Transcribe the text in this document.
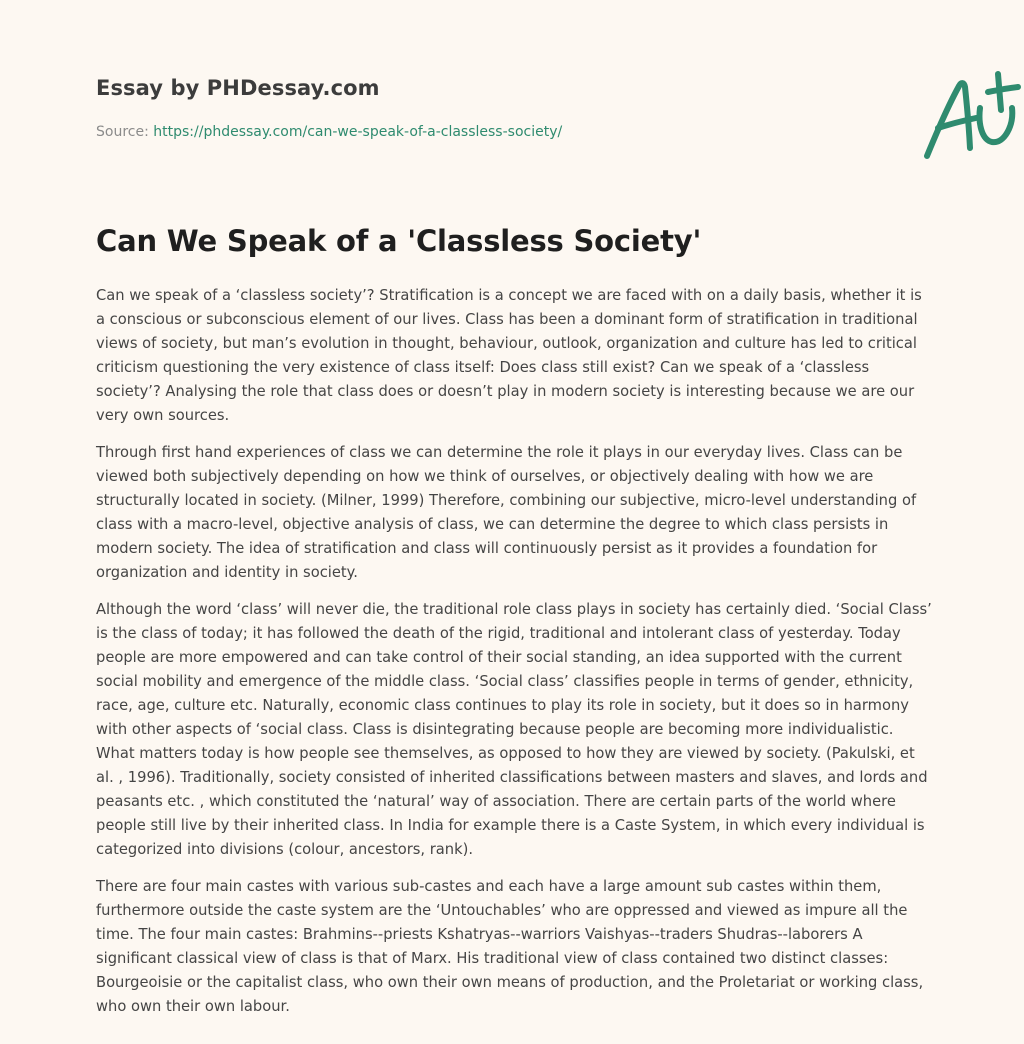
Essay by PHDessay.com

Source: https://phdessay.com/can-we-speak-of-a-classless-society/

Can We Speak of a 'Classless Society'

Can we speak of a ‘classless society’? Stratification is a concept we are faced with on a daily basis, whether it is a conscious or subconscious element of our lives. Class has been a dominant form of stratification in traditional views of society, but man’s evolution in thought, behaviour, outlook, organization and culture has led to critical criticism questioning the very existence of class itself: Does class still exist? Can we speak of a ‘classless society’? Analysing the role that class does or doesn’t play in modern society is interesting because we are our very own sources.

Through first hand experiences of class we can determine the role it plays in our everyday lives. Class can be viewed both subjectively depending on how we think of ourselves, or objectively dealing with how we are structurally located in society. (Milner, 1999) Therefore, combining our subjective, micro-level understanding of class with a macro-level, objective analysis of class, we can determine the degree to which class persists in modern society. The idea of stratification and class will continuously persist as it provides a foundation for organization and identity in society.

Although the word ‘class’ will never die, the traditional role class plays in society has certainly died. ‘Social Class’ is the class of today; it has followed the death of the rigid, traditional and intolerant class of yesterday. Today people are more empowered and can take control of their social standing, an idea supported with the current social mobility and emergence of the middle class. ‘Social class’ classifies people in terms of gender, ethnicity, race, age, culture etc. Naturally, economic class continues to play its role in society, but it does so in harmony with other aspects of ‘social class. Class is disintegrating because people are becoming more individualistic. What matters today is how people see themselves, as opposed to how they are viewed by society. (Pakulski, et al. , 1996). Traditionally, society consisted of inherited classifications between masters and slaves, and lords and peasants etc. , which constituted the ‘natural’ way of association. There are certain parts of the world where people still live by their inherited class. In India for example there is a Caste System, in which every individual is categorized into divisions (colour, ancestors, rank).

There are four main castes with various sub-castes and each have a large amount sub castes within them, furthermore outside the caste system are the ‘Untouchables’ who are oppressed and viewed as impure all the time. The four main castes: Brahmins--priests Kshatryas--warriors Vaishyas--traders Shudras--laborers A significant classical view of class is that of Marx. His traditional view of class contained two distinct classes: Bourgeoisie or the capitalist class, who own their own means of production, and the Proletariat or working class, who own their own labour.
